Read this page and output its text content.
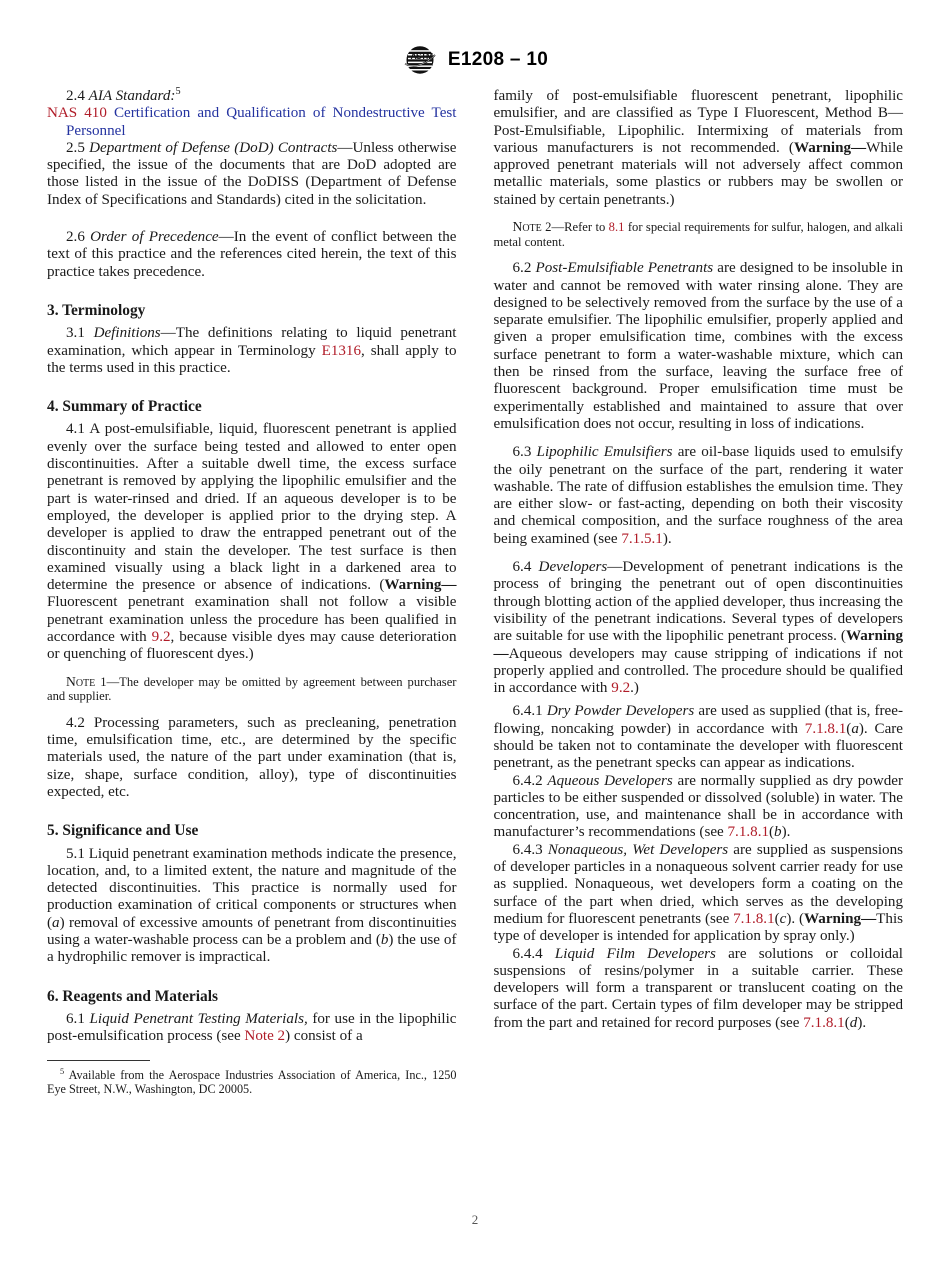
A S T M E1208 – 10

2.4 AIA Standard:$^5$

NAS 410 Certification and Qualification of Nondestructive Test Personnel

2.5 Department of Defense (DoD) Contracts—Unless otherwise specified, the issue of the documents that are DoD adopted are those listed in the issue of the DoDISS (Department of Defense Index of Specifications and Standards) cited in the solicitation.

2.6 Order of Precedence—In the event of conflict between the text of this practice and the references cited herein, the text of this practice takes precedence.

3. Terminology

3.1 Definitions—The definitions relating to liquid penetrant examination, which appear in Terminology E1316, shall apply to the terms used in this practice.

4. Summary of Practice

4.1 A post-emulsifiable, liquid, fluorescent penetrant is applied evenly over the surface being tested and allowed to enter open discontinuities. After a suitable dwell time, the excess surface penetrant is removed by applying the lipophilic emulsifier and the part is water-rinsed and dried. If an aqueous developer is to be employed, the developer is applied prior to the drying step. A developer is applied to draw the entrapped penetrant out of the discontinuity and stain the developer. The test surface is then examined visually using a black light in a darkened area to determine the presence or absence of indications. (Warning—Fluorescent penetrant examination shall not follow a visible penetrant examination unless the procedure has been qualified in accordance with 9.2, because visible dyes may cause deterioration or quenching of fluorescent dyes.)

Note 1—The developer may be omitted by agreement between purchaser and supplier.

4.2 Processing parameters, such as precleaning, penetration time, emulsification time, etc., are determined by the specific materials used, the nature of the part under examination (that is, size, shape, surface condition, alloy), type of discontinuities expected, etc.

5. Significance and Use

5.1 Liquid penetrant examination methods indicate the presence, location, and, to a limited extent, the nature and magnitude of the detected discontinuities. This practice is normally used for production examination of critical components or structures when (a) removal of excessive amounts of penetrant from discontinuities using a water-washable process can be a problem and (b) the use of a hydrophilic remover is impractical.

6. Reagents and Materials

6.1 Liquid Penetrant Testing Materials, for use in the lipophilic post-emulsification process (see Note 2) consist of a

$^5$ Available from the Aerospace Industries Association of America, Inc., 1250 Eye Street, N.W., Washington, DC 20005.

family of post-emulsifiable fluorescent penetrant, lipophilic emulsifier, and are classified as Type I Fluorescent, Method B—Post-Emulsifiable, Lipophilic. Intermixing of materials from various manufacturers is not recommended. (Warning—While approved penetrant materials will not adversely affect common metallic materials, some plastics or rubbers may be swollen or stained by certain penetrants.)

Note 2—Refer to 8.1 for special requirements for sulfur, halogen, and alkali metal content.

6.2 Post-Emulsifiable Penetrants are designed to be insoluble in water and cannot be removed with water rinsing alone. They are designed to be selectively removed from the surface by the use of a separate emulsifier. The lipophilic emulsifier, properly applied and given a proper emulsification time, combines with the excess surface penetrant to form a water-washable mixture, which can then be rinsed from the surface, leaving the surface free of fluorescent background. Proper emulsification time must be experimentally established and maintained to assure that over emulsification does not occur, resulting in loss of indications.

6.3 Lipophilic Emulsifiers are oil-base liquids used to emulsify the oily penetrant on the surface of the part, rendering it water washable. The rate of diffusion establishes the emulsion time. They are either slow- or fast-acting, depending on both their viscosity and chemical composition, and the surface roughness of the area being examined (see 7.1.5.1).

6.4 Developers—Development of penetrant indications is the process of bringing the penetrant out of open discontinuities through blotting action of the applied developer, thus increasing the visibility of the penetrant indications. Several types of developers are suitable for use with the lipophilic penetrant process. (Warning—Aqueous developers may cause stripping of indications if not properly applied and controlled. The procedure should be qualified in accordance with 9.2.)

6.4.1 Dry Powder Developers are used as supplied (that is, free-flowing, noncaking powder) in accordance with 7.1.8.1(a). Care should be taken not to contaminate the developer with fluorescent penetrant, as the penetrant specks can appear as indications.

6.4.2 Aqueous Developers are normally supplied as dry powder particles to be either suspended or dissolved (soluble) in water. The concentration, use, and maintenance shall be in accordance with manufacturer’s recommendations (see 7.1.8.1(b).

6.4.3 Nonaqueous, Wet Developers are supplied as suspensions of developer particles in a nonaqueous solvent carrier ready for use as supplied. Nonaqueous, wet developers form a coating on the surface of the part when dried, which serves as the developing medium for fluorescent penetrants (see 7.1.8.1(c). (Warning—This type of developer is intended for application by spray only.)

6.4.4 Liquid Film Developers are solutions or colloidal suspensions of resins/polymer in a suitable carrier. These developers will form a transparent or translucent coating on the surface of the part. Certain types of film developer may be stripped from the part and retained for record purposes (see 7.1.8.1(d).

2
